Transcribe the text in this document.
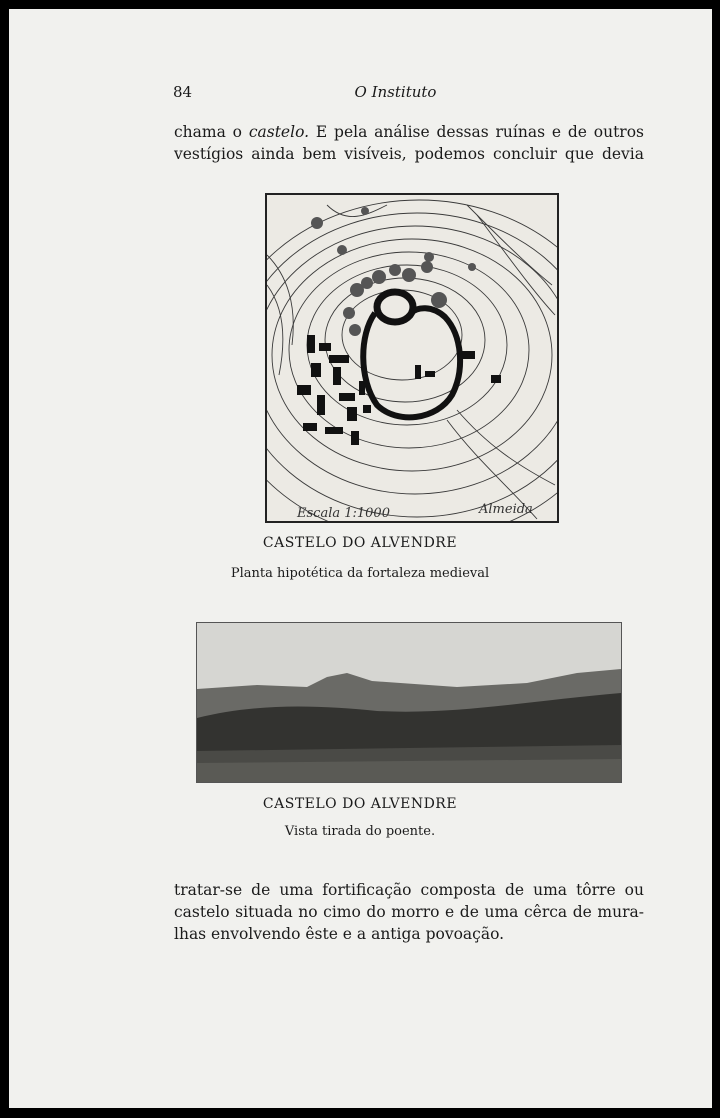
84	O Instituto
chama o castelo. E pela análise dessas ruínas e de outros
vestígios ainda bem visíveis, podemos concluir que devia
Escala 1:1000	Almeida
CASTELO DO ALVENDRE
Planta hipotética da fortaleza medieval
CASTELO DO ALVENDRE
Vista tirada do poente.
tratar-se de uma fortificação composta de uma tôrre ou
castelo situada no cimo do morro e de uma cêrca de mura-
lhas envolvendo êste e a antiga povoação.
